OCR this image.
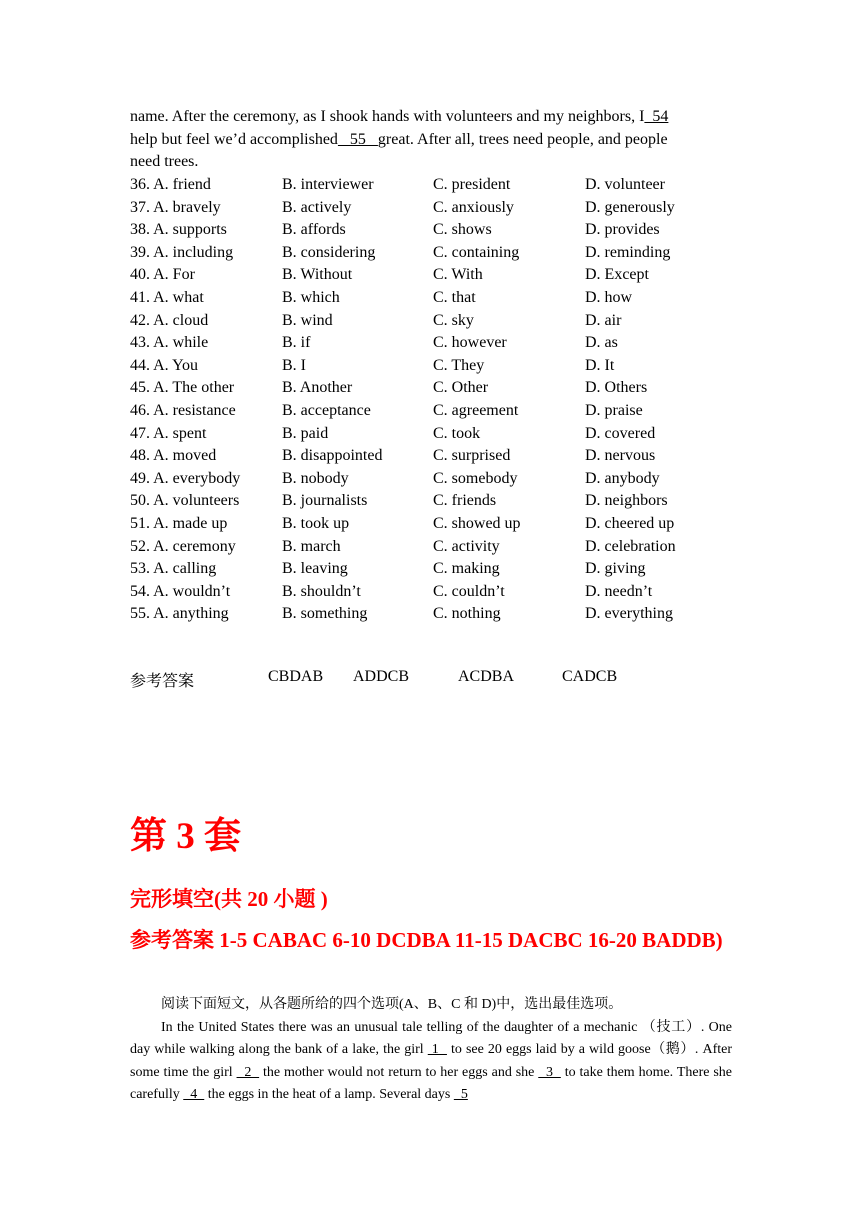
name. After the ceremony, as I shook hands with volunteers and my neighbors, I  54
help but feel we’d accomplished   55   great. After all, trees need people, and people
need trees.
36. A. friend	B. interviewer	C. president	D. volunteer
37. A. bravely	B. actively	C. anxiously	D. generously
38. A. supports	B. affords	C. shows	D. provides
39. A. including	B. considering	C. containing	D. reminding
40. A. For	B. Without	C. With	D. Except
41. A. what	B. which	C. that	D. how
42. A. cloud	B. wind	C. sky	D. air
43. A. while	B. if	C. however	D. as
44. A. You	B. I	C. They	D. It
45. A. The other	B. Another	C. Other	D. Others
46. A. resistance	B. acceptance	C. agreement	D. praise
47. A. spent	B. paid	C. took	D. covered
48. A. moved	B. disappointed	C. surprised	D. nervous
49. A. everybody	B. nobody	C. somebody	D. anybody
50. A. volunteers	B. journalists	C. friends	D. neighbors
51. A. made up	B. took up	C. showed up	D. cheered up
52. A. ceremony	B. march	C. activity	D. celebration
53. A. calling	B. leaving	C. making	D. giving
54. A. wouldn’t	B. shouldn’t	C. couldn’t	D. needn’t
55. A. anything	B. something	C. nothing	D. everything
参考答案	CBDAB ADDCB	ACDBA	CADCB
第 3 套
完形填空(共 20 小题 )
参考答案 1-5 CABAC 6-10 DCDBA 11-15 DACBC 16-20 BADDB)
阅读下面短文，从各题所给的四个选项(A、B、C 和 D)中，选出最佳选项。
In the United States there was an unusual tale telling of the daughter of a mechanic （技工）. One day while walking along the bank of a lake, the girl  1   to see 20 eggs laid by a wild goose（鹅）. After some time the girl   2   the mother would not return to her eggs and she   3   to take them home. There she carefully   4   the eggs in the heat of a lamp. Several days   5
